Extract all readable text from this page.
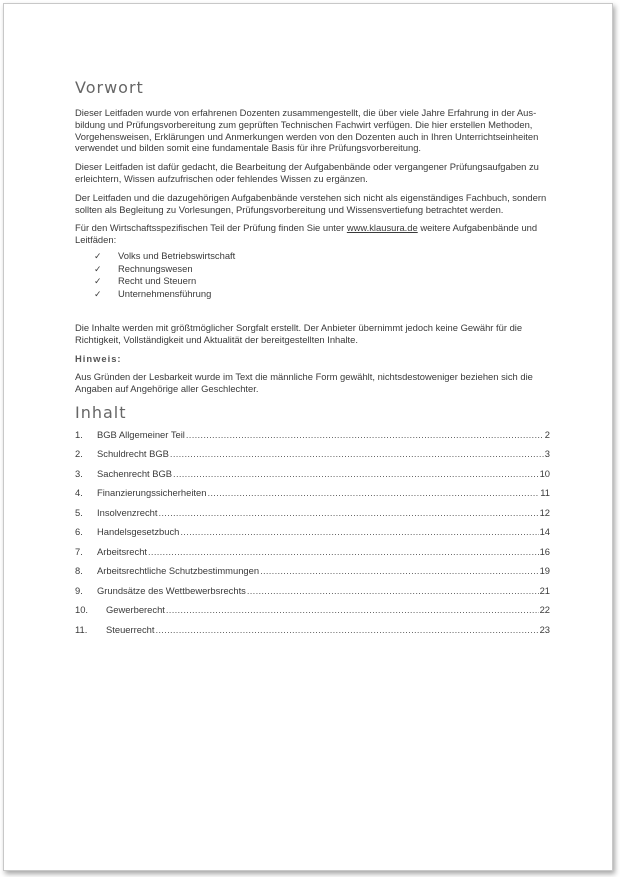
Vorwort

Dieser Leitfaden wurde von erfahrenen Dozenten zusammengestellt, die über viele Jahre Erfahrung in der Aus-bildung und Prüfungsvorbereitung zum geprüften Technischen Fachwirt verfügen. Die hier erstellen Methoden, Vorgehensweisen, Erklärungen und Anmerkungen werden von den Dozenten auch in Ihren Unterrichtseinheiten verwendet und bilden somit eine fundamentale Basis für ihre Prüfungsvorbereitung.

Dieser Leitfaden ist dafür gedacht, die Bearbeitung der Aufgabenbände oder vergangener Prüfungsaufgaben zu erleichtern, Wissen aufzufrischen oder fehlendes Wissen zu ergänzen.

Der Leitfaden und die dazugehörigen Aufgabenbände verstehen sich nicht als eigenständiges Fachbuch, sondern sollten als Begleitung zu Vorlesungen, Prüfungsvorbereitung und Wissensvertiefung betrachtet werden.

Für den Wirtschaftsspezifischen Teil der Prüfung finden Sie unter www.klausura.de weitere Aufgabenbände und Leitfäden:

✓ Volks und Betriebswirtschaft
✓ Rechnungswesen
✓ Recht und Steuern
✓ Unternehmensführung

Die Inhalte werden mit größtmöglicher Sorgfalt erstellt. Der Anbieter übernimmt jedoch keine Gewähr für die Richtigkeit, Vollständigkeit und Aktualität der bereitgestellten Inhalte.

Hinweis:

Aus Gründen der Lesbarkeit wurde im Text die männliche Form gewählt, nichtsdestoweniger beziehen sich die Angaben auf Angehörige aller Geschlechter.

Inhalt
1.	BGB Allgemeiner Teil .....	2
2.	Schuldrecht BGB .....	3
3.	Sachenrecht BGB .....	10
4.	Finanzierungssicherheiten .....	11
5.	Insolvenzrecht .....	12
6.	Handelsgesetzbuch .....	14
7.	Arbeitsrecht .....	16
8.	Arbeitsrechtliche Schutzbestimmungen .....	19
9.	Grundsätze des Wettbewerbsrechts .....	21
10.	Gewerberecht .....	22
11.	Steuerrecht .....	23
